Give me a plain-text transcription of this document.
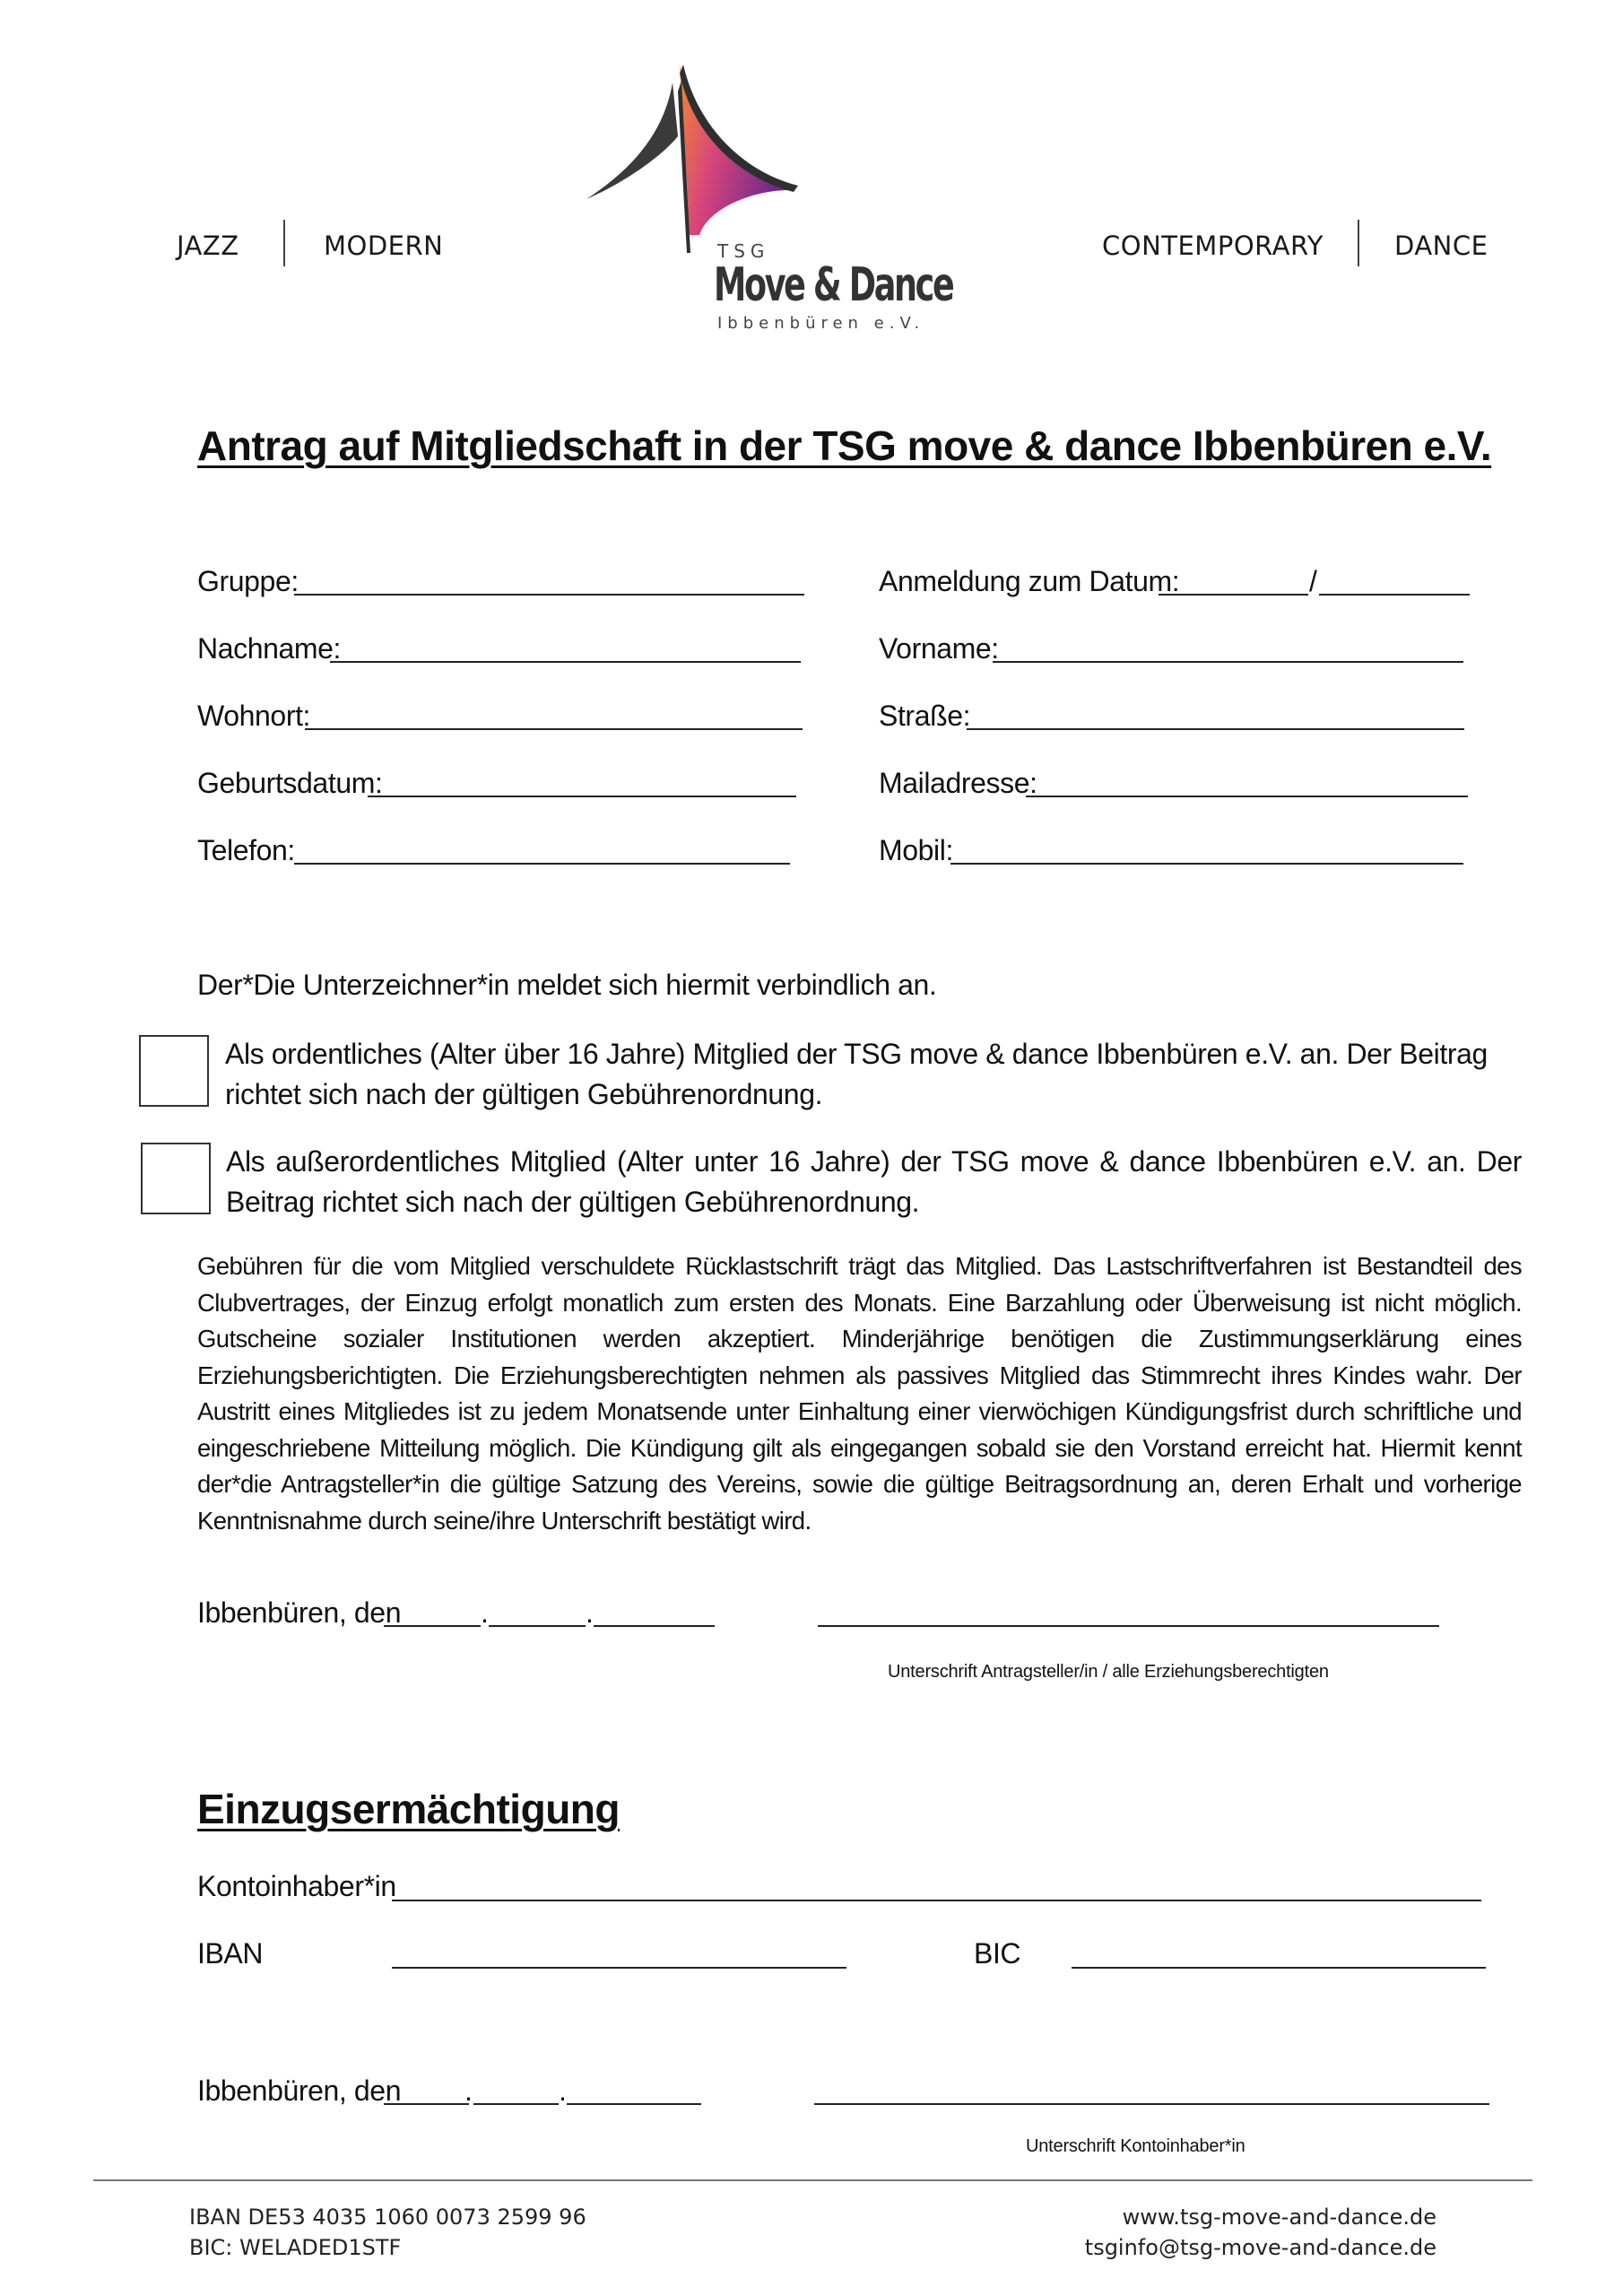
JAZZ	MODERN	CONTEMPORARY	DANCE
TSG
Move & Dance
Ibbenbüren e.V.
Antrag auf Mitgliedschaft in der TSG move & dance Ibbenbüren e.V.
Gruppe:	Anmeldung zum Datum:	/
Nachname:	Vorname:
Wohnort:	Straße:
Geburtsdatum:	Mailadresse:
Telefon:	Mobil:
Der*Die Unterzeichner*in meldet sich hiermit verbindlich an.
Als ordentliches (Alter über 16 Jahre) Mitglied der TSG move & dance Ibbenbüren e.V. an. Der Beitrag richtet sich nach der gültigen Gebührenordnung.
Als außerordentliches Mitglied (Alter unter 16 Jahre) der TSG move & dance Ibbenbüren e.V. an. Der Beitrag richtet sich nach der gültigen Gebührenordnung.
Gebühren für die vom Mitglied verschuldete Rücklastschrift trägt das Mitglied. Das Lastschriftverfahren ist Bestandteil des Clubvertrages, der Einzug erfolgt monatlich zum ersten des Monats. Eine Barzahlung oder Überweisung ist nicht möglich. Gutscheine sozialer Institutionen werden akzeptiert. Minderjährige benötigen die Zustimmungserklärung eines Erziehungsberichtigten. Die Erziehungsberechtigten nehmen als passives Mitglied das Stimmrecht ihres Kindes wahr. Der Austritt eines Mitgliedes ist zu jedem Monatsende unter Einhaltung einer vierwöchigen Kündigungsfrist durch schriftliche und eingeschriebene Mitteilung möglich. Die Kündigung gilt als eingegangen sobald sie den Vorstand erreicht hat. Hiermit kennt der*die Antragsteller*in die gültige Satzung des Vereins, sowie die gültige Beitragsordnung an, deren Erhalt und vorherige Kenntnisnahme durch seine/ihre Unterschrift bestätigt wird.
Ibbenbüren, den	.	.
Unterschrift Antragsteller/in / alle Erziehungsberechtigten
Einzugsermächtigung
Kontoinhaber*in
IBAN	BIC
Ibbenbüren, den .	.
Unterschrift Kontoinhaber*in
IBAN DE53 4035 1060 0073 2599 96
BIC: WELADED1STF
www.tsg-move-and-dance.de
tsginfo@tsg-move-and-dance.de
